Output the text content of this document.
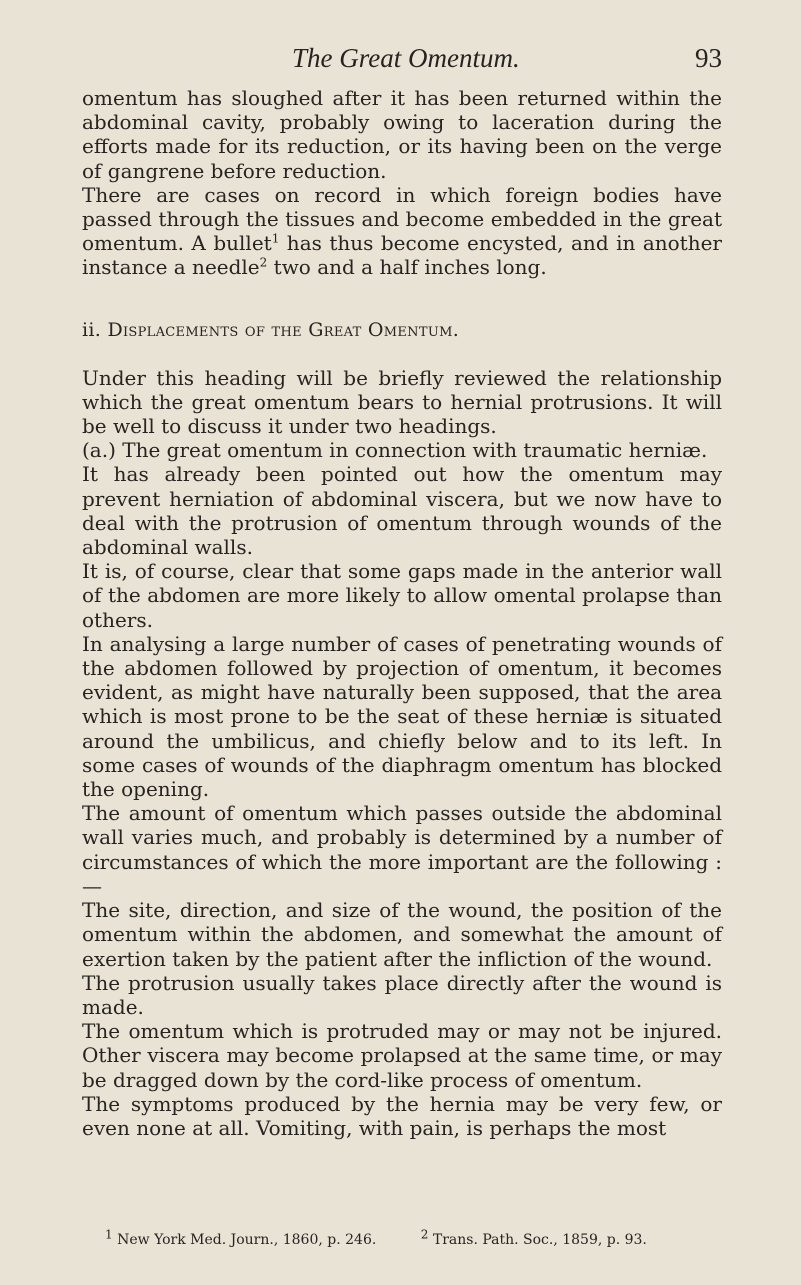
The Great Omentum.	93

omentum has sloughed after it has been returned within the abdominal cavity, probably owing to laceration during the efforts made for its reduction, or its having been on the verge of gangrene before reduction.

There are cases on record in which foreign bodies have passed through the tissues and become embedded in the great omentum. A bullet$^1$ has thus become encysted, and in another instance a needle$^2$ two and a half inches long.

ii. Displacements of the Great Omentum.

Under this heading will be briefly reviewed the relationship which the great omentum bears to hernial protrusions. It will be well to discuss it under two headings.

(a.) The great omentum in connection with traumatic herniæ.

It has already been pointed out how the omentum may prevent herniation of abdominal viscera, but we now have to deal with the protrusion of omentum through wounds of the abdominal walls.

It is, of course, clear that some gaps made in the anterior wall of the abdomen are more likely to allow omental prolapse than others.

In analysing a large number of cases of penetrating wounds of the abdomen followed by projection of omentum, it becomes evident, as might have naturally been supposed, that the area which is most prone to be the seat of these herniæ is situated around the umbilicus, and chiefly below and to its left. In some cases of wounds of the diaphragm omentum has blocked the opening.

The amount of omentum which passes outside the abdominal wall varies much, and probably is determined by a number of circumstances of which the more important are the following :—

The site, direction, and size of the wound, the position of the omentum within the abdomen, and somewhat the amount of exertion taken by the patient after the infliction of the wound.

The protrusion usually takes place directly after the wound is made.

The omentum which is protruded may or may not be injured. Other viscera may become prolapsed at the same time, or may be dragged down by the cord-like process of omentum.

The symptoms produced by the hernia may be very few, or even none at all. Vomiting, with pain, is perhaps the most

$^1$ New York Med. Journ., 1860, p. 246.	$^2$ Trans. Path. Soc., 1859, p. 93.
